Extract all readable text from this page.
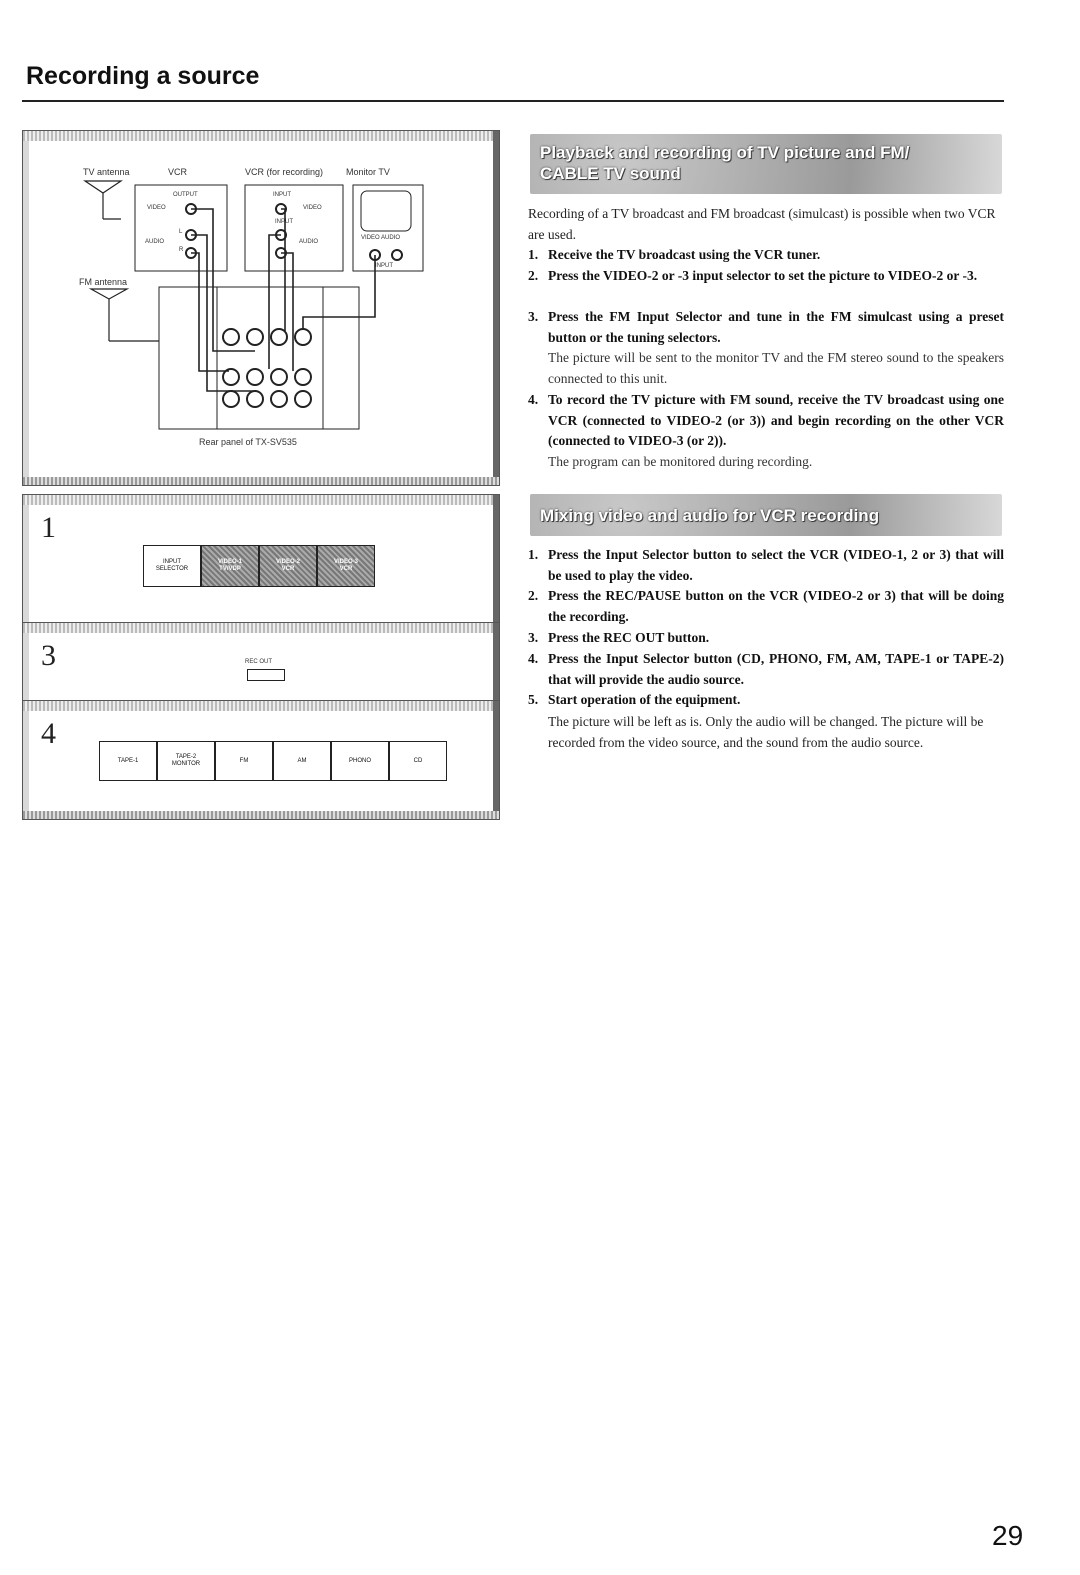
Recording a source
TV antenna	VCR	VCR (for recording)	Monitor TV
FM antenna
OUTPUT
VIDEO
AUDIO
L
R
INPUT
VIDEO
INPUT
AUDIO
VIDEO AUDIO
INPUT
Rear panel of TX-SV535
1
INPUT
SELECTOR
VIDEO-1
TV/VDP
VIDEO-2
VCR
VIDEO-3
VCR
3	REC OUT
4
TAPE-1
TAPE-2
MONITOR
FM	AM	PHONO	CD
Playback and recording of TV picture and FM/
CABLE TV sound
Recording of a TV broadcast and FM broadcast (simulcast) is possible when two VCR are used.
1. Receive the TV broadcast using the VCR tuner.
2. Press the VIDEO-2 or -3 input selector to set the picture to VIDEO-2 or -3.
3. Press the FM Input Selector and tune in the FM simulcast using a preset button or the tuning selectors.
The picture will be sent to the monitor TV and the FM stereo sound to the speakers connected to this unit.
4. To record the TV picture with FM sound, receive the TV broadcast using one VCR (connected to VIDEO-2 (or 3)) and begin recording on the other VCR (connected to VIDEO-3 (or 2)).
The program can be monitored during recording.
Mixing video and audio for VCR recording
1. Press the Input Selector button to select the VCR (VIDEO-1, 2 or 3) that will be used to play the video.
2. Press the REC/PAUSE button on the VCR (VIDEO-2 or 3) that will be doing the recording.
3. Press the REC OUT button.
4. Press the Input Selector button (CD, PHONO, FM, AM, TAPE-1 or TAPE-2) that will provide the audio source.
5. Start operation of the equipment.
The picture will be left as is. Only the audio will be changed. The picture will be recorded from the video source, and the sound from the audio source.
29
